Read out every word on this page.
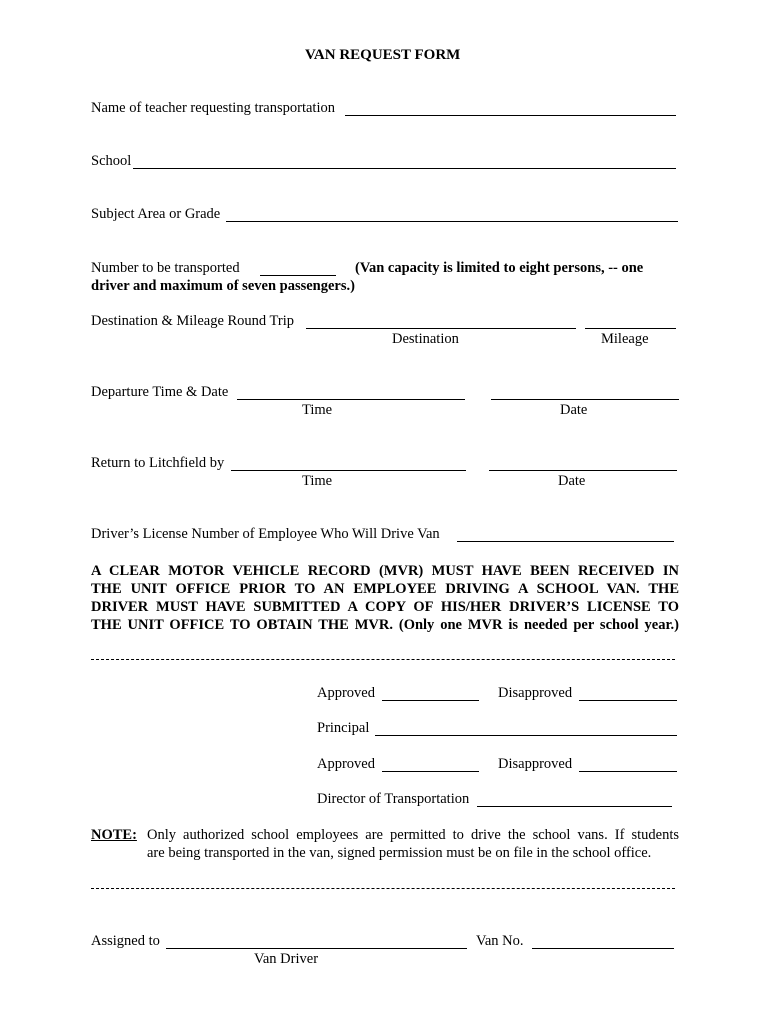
VAN REQUEST FORM
Name of teacher requesting transportation
School
Subject Area or Grade
Number to be transported	(Van capacity is limited to eight persons, -- one
driver and maximum of seven passengers.)
Destination & Mileage Round Trip
Destination	Mileage
Departure Time & Date
Time	Date
Return to Litchfield by
Time	Date
Driver’s License Number of Employee Who Will Drive Van
A CLEAR MOTOR VEHICLE RECORD (MVR) MUST HAVE BEEN RECEIVED IN
THE UNIT OFFICE PRIOR TO AN EMPLOYEE DRIVING A SCHOOL VAN. THE
DRIVER MUST HAVE SUBMITTED A COPY OF HIS/HER DRIVER’S LICENSE TO
THE UNIT OFFICE TO OBTAIN THE MVR. (Only one MVR is needed per school year.)
Approved	Disapproved
Principal
Approved	Disapproved
Director of Transportation
NOTE: Only authorized school employees are permitted to drive the school vans. If students
are being transported in the van, signed permission must be on file in the school office.
Assigned to	Van No.
Van Driver
